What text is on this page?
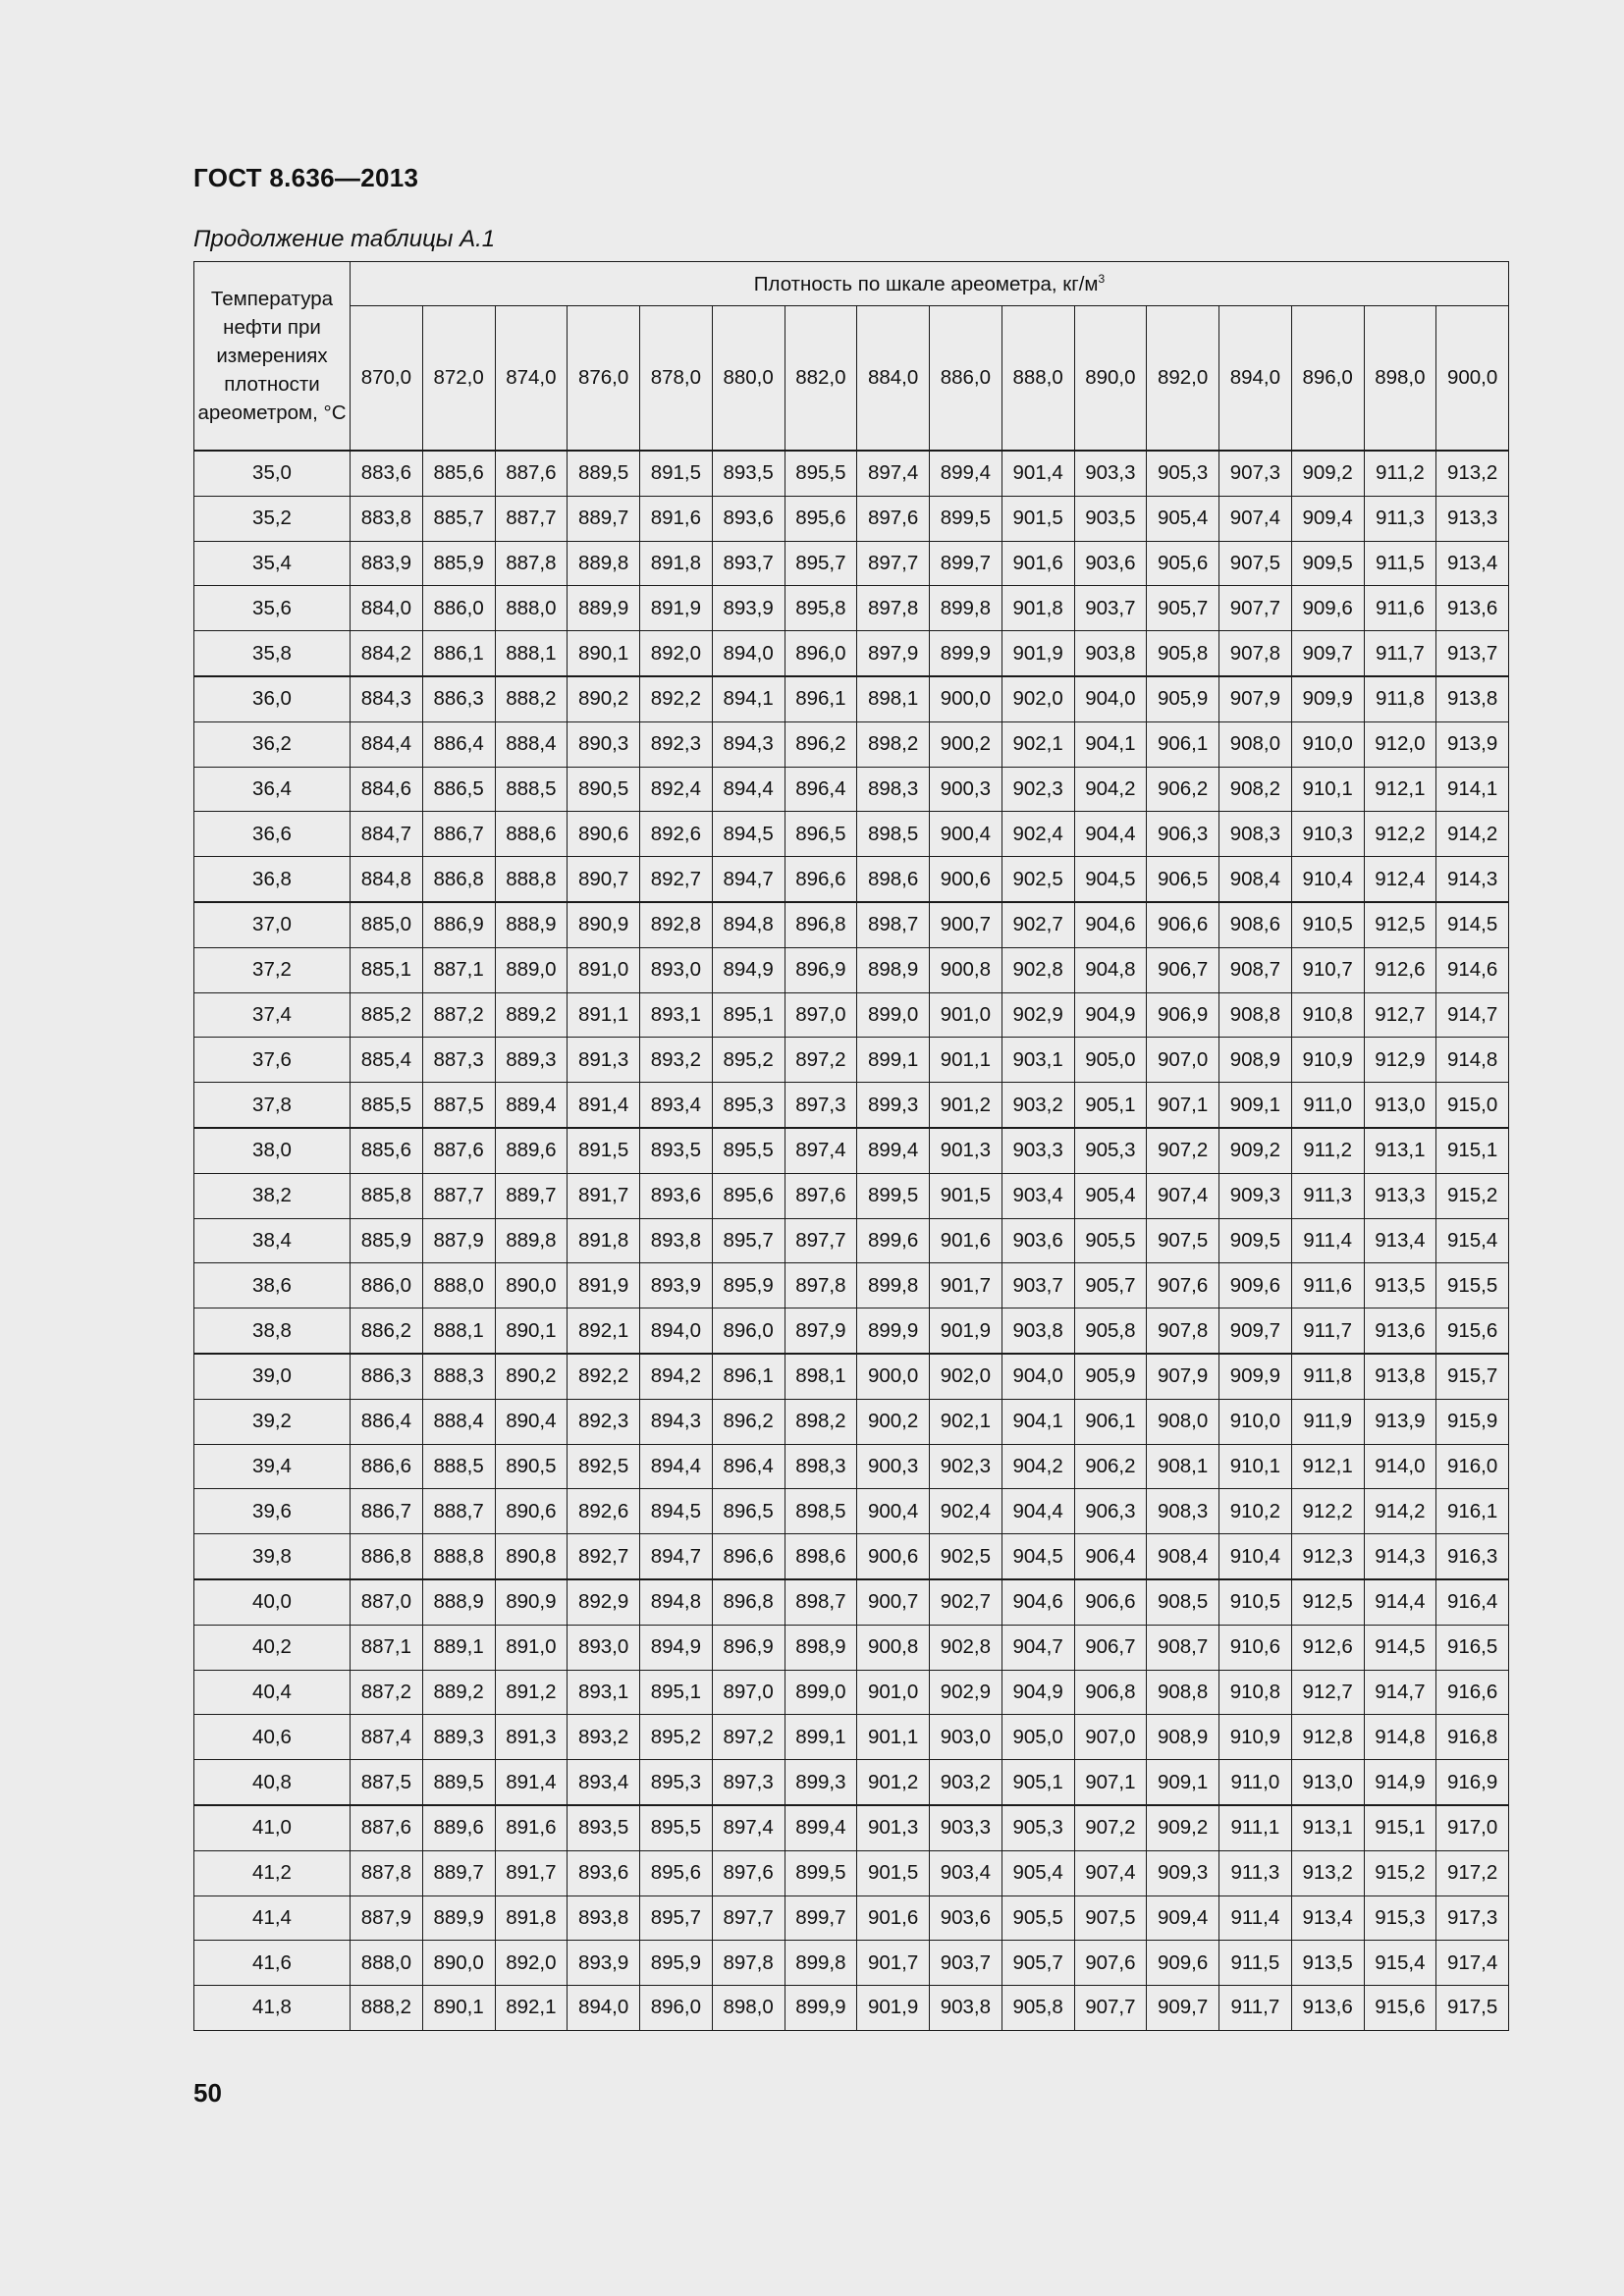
ГОСТ 8.636—2013
Продолжение таблицы А.1
Температура нефти при измерениях плотности ареометром, °С	Плотность по шкале ареометра, $кг/м^3$
	870,0	872,0	874,0	876,0	878,0	880,0	882,0	884,0	886,0	888,0	890,0	892,0	894,0	896,0	898,0	900,0
35,0	883,6	885,6	887,6	889,5	891,5	893,5	895,5	897,4	899,4	901,4	903,3	905,3	907,3	909,2	911,2	913,2
35,2	883,8	885,7	887,7	889,7	891,6	893,6	895,6	897,6	899,5	901,5	903,5	905,4	907,4	909,4	911,3	913,3
35,4	883,9	885,9	887,8	889,8	891,8	893,7	895,7	897,7	899,7	901,6	903,6	905,6	907,5	909,5	911,5	913,4
35,6	884,0	886,0	888,0	889,9	891,9	893,9	895,8	897,8	899,8	901,8	903,7	905,7	907,7	909,6	911,6	913,6
35,8	884,2	886,1	888,1	890,1	892,0	894,0	896,0	897,9	899,9	901,9	903,8	905,8	907,8	909,7	911,7	913,7
36,0	884,3	886,3	888,2	890,2	892,2	894,1	896,1	898,1	900,0	902,0	904,0	905,9	907,9	909,9	911,8	913,8
36,2	884,4	886,4	888,4	890,3	892,3	894,3	896,2	898,2	900,2	902,1	904,1	906,1	908,0	910,0	912,0	913,9
36,4	884,6	886,5	888,5	890,5	892,4	894,4	896,4	898,3	900,3	902,3	904,2	906,2	908,2	910,1	912,1	914,1
36,6	884,7	886,7	888,6	890,6	892,6	894,5	896,5	898,5	900,4	902,4	904,4	906,3	908,3	910,3	912,2	914,2
36,8	884,8	886,8	888,8	890,7	892,7	894,7	896,6	898,6	900,6	902,5	904,5	906,5	908,4	910,4	912,4	914,3
37,0	885,0	886,9	888,9	890,9	892,8	894,8	896,8	898,7	900,7	902,7	904,6	906,6	908,6	910,5	912,5	914,5
37,2	885,1	887,1	889,0	891,0	893,0	894,9	896,9	898,9	900,8	902,8	904,8	906,7	908,7	910,7	912,6	914,6
37,4	885,2	887,2	889,2	891,1	893,1	895,1	897,0	899,0	901,0	902,9	904,9	906,9	908,8	910,8	912,7	914,7
37,6	885,4	887,3	889,3	891,3	893,2	895,2	897,2	899,1	901,1	903,1	905,0	907,0	908,9	910,9	912,9	914,8
37,8	885,5	887,5	889,4	891,4	893,4	895,3	897,3	899,3	901,2	903,2	905,1	907,1	909,1	911,0	913,0	915,0
38,0	885,6	887,6	889,6	891,5	893,5	895,5	897,4	899,4	901,3	903,3	905,3	907,2	909,2	911,2	913,1	915,1
38,2	885,8	887,7	889,7	891,7	893,6	895,6	897,6	899,5	901,5	903,4	905,4	907,4	909,3	911,3	913,3	915,2
38,4	885,9	887,9	889,8	891,8	893,8	895,7	897,7	899,6	901,6	903,6	905,5	907,5	909,5	911,4	913,4	915,4
38,6	886,0	888,0	890,0	891,9	893,9	895,9	897,8	899,8	901,7	903,7	905,7	907,6	909,6	911,6	913,5	915,5
38,8	886,2	888,1	890,1	892,1	894,0	896,0	897,9	899,9	901,9	903,8	905,8	907,8	909,7	911,7	913,6	915,6
39,0	886,3	888,3	890,2	892,2	894,2	896,1	898,1	900,0	902,0	904,0	905,9	907,9	909,9	911,8	913,8	915,7
39,2	886,4	888,4	890,4	892,3	894,3	896,2	898,2	900,2	902,1	904,1	906,1	908,0	910,0	911,9	913,9	915,9
39,4	886,6	888,5	890,5	892,5	894,4	896,4	898,3	900,3	902,3	904,2	906,2	908,1	910,1	912,1	914,0	916,0
39,6	886,7	888,7	890,6	892,6	894,5	896,5	898,5	900,4	902,4	904,4	906,3	908,3	910,2	912,2	914,2	916,1
39,8	886,8	888,8	890,8	892,7	894,7	896,6	898,6	900,6	902,5	904,5	906,4	908,4	910,4	912,3	914,3	916,3
40,0	887,0	888,9	890,9	892,9	894,8	896,8	898,7	900,7	902,7	904,6	906,6	908,5	910,5	912,5	914,4	916,4
40,2	887,1	889,1	891,0	893,0	894,9	896,9	898,9	900,8	902,8	904,7	906,7	908,7	910,6	912,6	914,5	916,5
40,4	887,2	889,2	891,2	893,1	895,1	897,0	899,0	901,0	902,9	904,9	906,8	908,8	910,8	912,7	914,7	916,6
40,6	887,4	889,3	891,3	893,2	895,2	897,2	899,1	901,1	903,0	905,0	907,0	908,9	910,9	912,8	914,8	916,8
40,8	887,5	889,5	891,4	893,4	895,3	897,3	899,3	901,2	903,2	905,1	907,1	909,1	911,0	913,0	914,9	916,9
41,0	887,6	889,6	891,6	893,5	895,5	897,4	899,4	901,3	903,3	905,3	907,2	909,2	911,1	913,1	915,1	917,0
41,2	887,8	889,7	891,7	893,6	895,6	897,6	899,5	901,5	903,4	905,4	907,4	909,3	911,3	913,2	915,2	917,2
41,4	887,9	889,9	891,8	893,8	895,7	897,7	899,7	901,6	903,6	905,5	907,5	909,4	911,4	913,4	915,3	917,3
41,6	888,0	890,0	892,0	893,9	895,9	897,8	899,8	901,7	903,7	905,7	907,6	909,6	911,5	913,5	915,4	917,4
41,8	888,2	890,1	892,1	894,0	896,0	898,0	899,9	901,9	903,8	905,8	907,7	909,7	911,7	913,6	915,6	917,5
50
